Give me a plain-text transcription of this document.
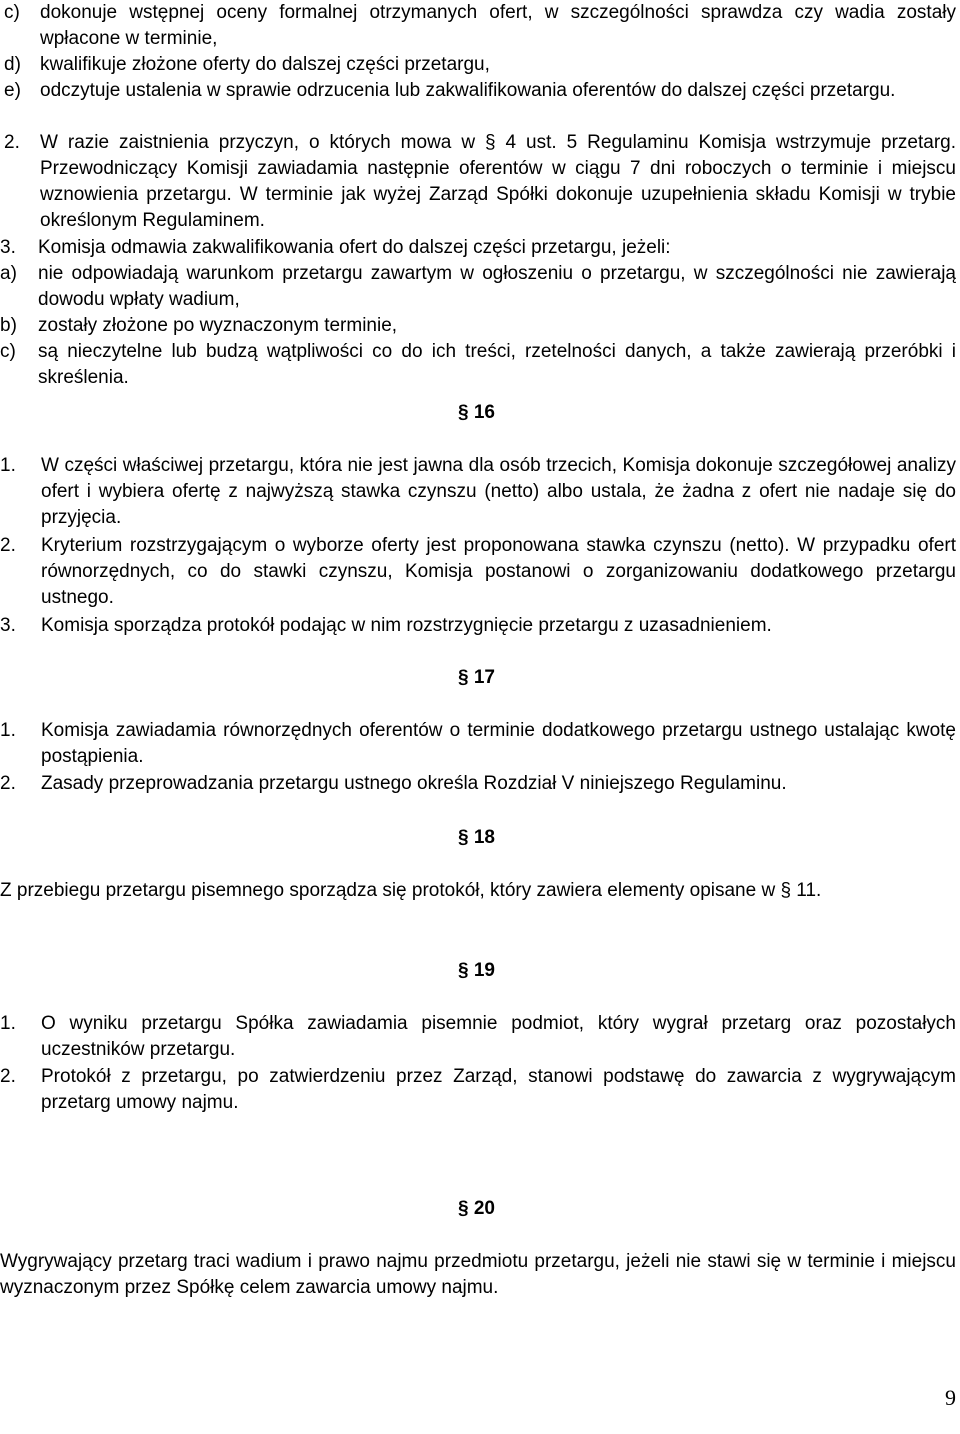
c)	dokonuje wstępnej oceny formalnej otrzymanych ofert, w szczególności sprawdza czy wadia zostały wpłacone w terminie,
d)	kwalifikuje złożone oferty do dalszej części przetargu,
e)	odczytuje ustalenia w sprawie odrzucenia lub zakwalifikowania oferentów do dalszej części przetargu.
2.	W razie zaistnienia przyczyn, o których mowa w § 4 ust. 5 Regulaminu Komisja wstrzymuje przetarg. Przewodniczący Komisji zawiadamia następnie oferentów w ciągu 7 dni roboczych o terminie i miejscu wznowienia przetargu. W terminie jak wyżej Zarząd Spółki dokonuje uzupełnienia składu Komisji w trybie określonym Regulaminem.
3.	Komisja odmawia zakwalifikowania ofert do dalszej części przetargu, jeżeli:
a)	nie odpowiadają warunkom przetargu zawartym w ogłoszeniu o przetargu, w szczególności nie zawierają dowodu wpłaty wadium,
b)	zostały złożone po wyznaczonym terminie,
c)	są nieczytelne lub budzą wątpliwości co do ich treści, rzetelności danych, a także zawierają przeróbki i skreślenia.
§ 16
1.	W części właściwej przetargu, która nie jest jawna dla osób trzecich, Komisja dokonuje szczegółowej analizy ofert i wybiera ofertę z najwyższą stawka czynszu (netto) albo ustala, że żadna z ofert nie nadaje się do przyjęcia.
2.	Kryterium rozstrzygającym o wyborze oferty jest proponowana stawka czynszu (netto). W przypadku ofert równorzędnych, co do stawki czynszu, Komisja postanowi o zorganizowaniu dodatkowego przetargu ustnego.
3.	Komisja sporządza protokół podając w nim rozstrzygnięcie przetargu z uzasadnieniem.
§ 17
1.	Komisja zawiadamia równorzędnych oferentów o terminie dodatkowego przetargu ustnego ustalając kwotę postąpienia.
2.	Zasady przeprowadzania przetargu ustnego określa Rozdział V niniejszego Regulaminu.
§ 18
Z przebiegu przetargu pisemnego sporządza się protokół, który zawiera elementy opisane w § 11.
§ 19
1.	O wyniku przetargu Spółka zawiadamia pisemnie podmiot, który wygrał przetarg oraz pozostałych uczestników przetargu.
2.	Protokół z przetargu, po zatwierdzeniu przez Zarząd, stanowi podstawę do zawarcia z wygrywającym przetarg umowy najmu.
§ 20
Wygrywający przetarg traci wadium i prawo najmu przedmiotu przetargu, jeżeli nie stawi się w terminie i miejscu wyznaczonym przez Spółkę celem zawarcia umowy najmu.
9
